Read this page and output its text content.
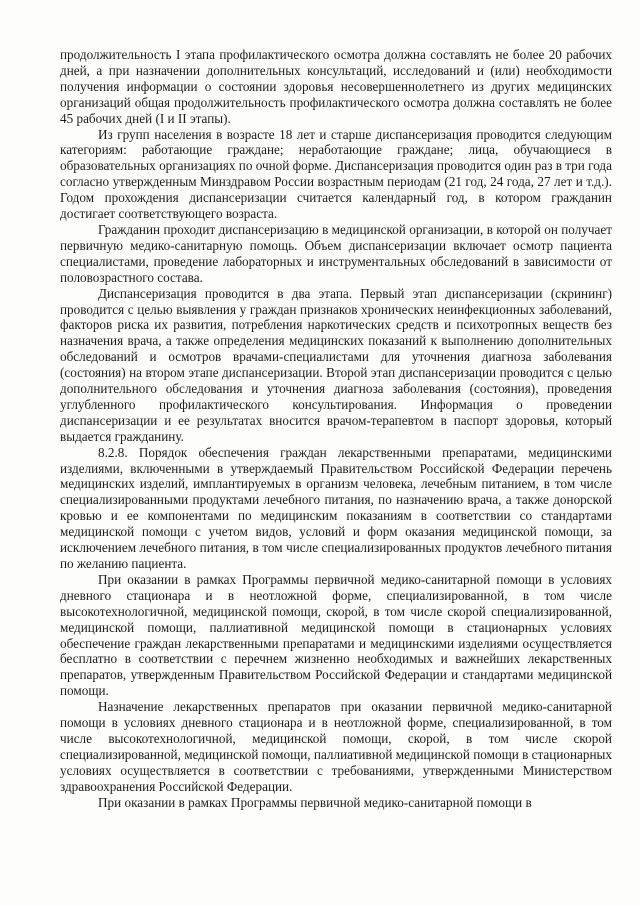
продолжительность I этапа профилактического осмотра должна составлять не более 20 рабочих дней, а при назначении дополнительных консультаций, исследований и (или) необходимости получения информации о состоянии здоровья несовершеннолетнего из других медицинских организаций общая продолжительность профилактического осмотра должна составлять не более 45 рабочих дней (I и II этапы).

Из групп населения в возрасте 18 лет и старше диспансеризация проводится следующим категориям: работающие граждане; неработающие граждане; лица, обучающиеся в образовательных организациях по очной форме. Диспансеризация проводится один раз в три года согласно утвержденным Минздравом России возрастным периодам (21 год, 24 года, 27 лет и т.д.). Годом прохождения диспансеризации считается календарный год, в котором гражданин достигает соответствующего возраста.

Гражданин проходит диспансеризацию в медицинской организации, в которой он получает первичную медико-санитарную помощь. Объем диспансеризации включает осмотр пациента специалистами, проведение лабораторных и инструментальных обследований в зависимости от половозрастного состава.

Диспансеризация проводится в два этапа. Первый этап диспансеризации (скрининг) проводится с целью выявления у граждан признаков хронических неинфекционных заболеваний, факторов риска их развития, потребления наркотических средств и психотропных веществ без назначения врача, а также определения медицинских показаний к выполнению дополнительных обследований и осмотров врачами-специалистами для уточнения диагноза заболевания (состояния) на втором этапе диспансеризации. Второй этап диспансеризации проводится с целью дополнительного обследования и уточнения диагноза заболевания (состояния), проведения углубленного профилактического консультирования. Информация о проведении диспансеризации и ее результатах вносится врачом-терапевтом в паспорт здоровья, который выдается гражданину.

8.2.8. Порядок обеспечения граждан лекарственными препаратами, медицинскими изделиями, включенными в утверждаемый Правительством Российской Федерации перечень медицинских изделий, имплантируемых в организм человека, лечебным питанием, в том числе специализированными продуктами лечебного питания, по назначению врача, а также донорской кровью и ее компонентами по медицинским показаниям в соответствии со стандартами медицинской помощи с учетом видов, условий и форм оказания медицинской помощи, за исключением лечебного питания, в том числе специализированных продуктов лечебного питания по желанию пациента.

При оказании в рамках Программы первичной медико-санитарной помощи в условиях дневного стационара и в неотложной форме, специализированной, в том числе высокотехнологичной, медицинской помощи, скорой, в том числе скорой специализированной, медицинской помощи, паллиативной медицинской помощи в стационарных условиях обеспечение граждан лекарственными препаратами и медицинскими изделиями осуществляется бесплатно в соответствии с перечнем жизненно необходимых и важнейших лекарственных препаратов, утвержденным Правительством Российской Федерации и стандартами медицинской помощи.

Назначение лекарственных препаратов при оказании первичной медико-санитарной помощи в условиях дневного стационара и в неотложной форме, специализированной, в том числе высокотехнологичной, медицинской помощи, скорой, в том числе скорой специализированной, медицинской помощи, паллиативной медицинской помощи в стационарных условиях осуществляется в соответствии с требованиями, утвержденными Министерством здравоохранения Российской Федерации.

При оказании в рамках Программы первичной медико-санитарной помощи в
